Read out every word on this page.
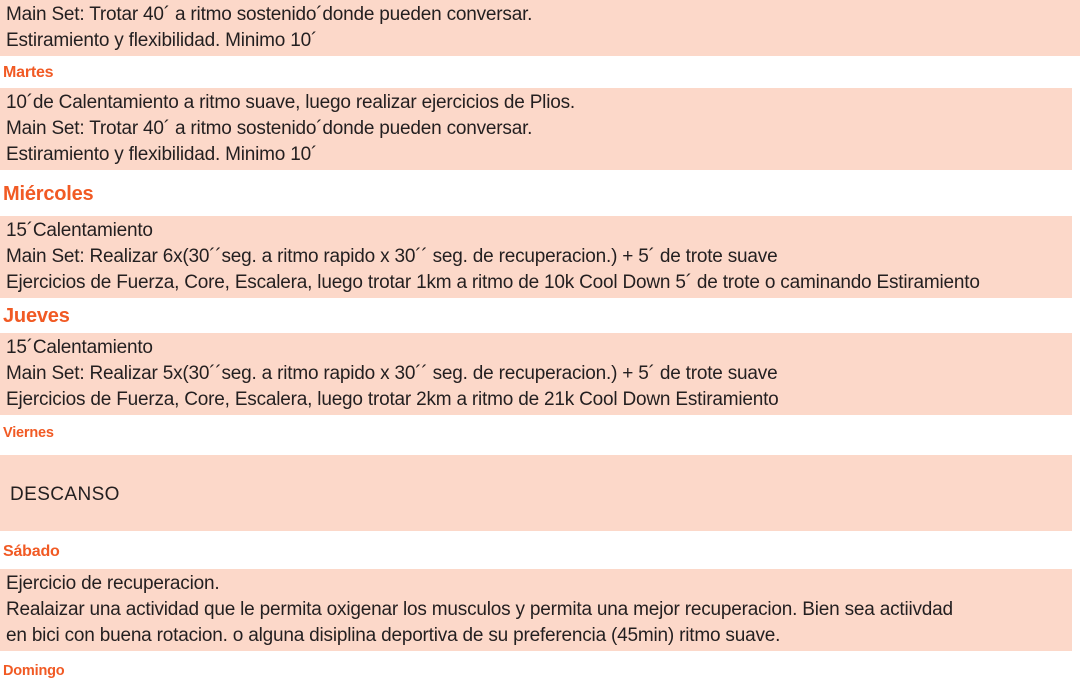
Main Set: Trotar 40´ a ritmo sostenido´donde pueden conversar.

Estiramiento y flexibilidad. Minimo 10´

Martes

10´de Calentamiento a ritmo suave, luego realizar ejercicios de Plios.

Main Set: Trotar 40´ a ritmo sostenido´donde pueden conversar.

Estiramiento y flexibilidad. Minimo 10´

Miércoles

15´Calentamiento

Main Set: Realizar 6x(30´´seg. a ritmo rapido x 30´´ seg. de recuperacion.) + 5´ de trote suave

Ejercicios de Fuerza, Core, Escalera, luego trotar 1km a ritmo de 10k Cool Down 5´ de trote o caminando Estiramiento

Jueves

15´Calentamiento

Main Set: Realizar 5x(30´´seg. a ritmo rapido x 30´´ seg. de recuperacion.) + 5´ de trote suave

Ejercicios de Fuerza, Core, Escalera, luego trotar 2km a ritmo de 21k Cool Down Estiramiento

Viernes

DESCANSO

Sábado

Ejercicio de recuperacion.

Realaizar una actividad que le permita oxigenar los musculos y permita una mejor recuperacion. Bien sea actiivdad

en bici con buena rotacion. o alguna disiplina deportiva de su preferencia (45min) ritmo suave.

Domingo
